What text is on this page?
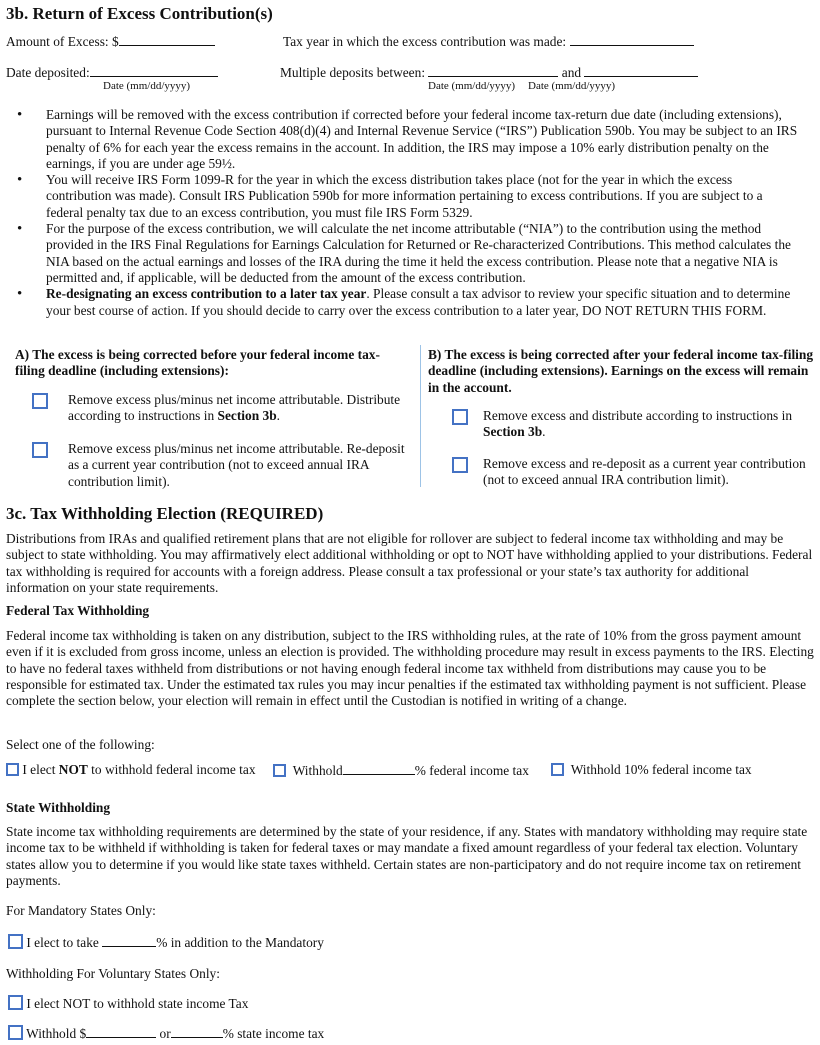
3b. Return of Excess Contribution(s)
Amount of Excess: $	Tax year in which the excess contribution was made:
Date deposited:
Date (mm/dd/yyyy)
Multiple deposits between:	and
Date (mm/dd/yyyy) Date (mm/dd/yyyy)
• Earnings will be removed with the excess contribution if corrected before your federal income tax-return due date (including extensions), pursuant to Internal Revenue Code Section 408(d)(4) and Internal Revenue Service (“IRS”) Publication 590b. You may be subject to an IRS penalty of 6% for each year the excess remains in the account. In addition, the IRS may impose a 10% early distribution penalty on the earnings, if you are under age 59½.
• You will receive IRS Form 1099-R for the year in which the excess distribution takes place (not for the year in which the excess contribution was made). Consult IRS Publication 590b for more information pertaining to excess contributions. If you are subject to a federal penalty tax due to an excess contribution, you must file IRS Form 5329.
• For the purpose of the excess contribution, we will calculate the net income attributable (“NIA”) to the contribution using the method provided in the IRS Final Regulations for Earnings Calculation for Returned or Re-characterized Contributions. This method calculates the NIA based on the actual earnings and losses of the IRA during the time it held the excess contribution. Please note that a negative NIA is permitted and, if applicable, will be deducted from the amount of the excess contribution.
• Re-designating an excess contribution to a later tax year. Please consult a tax advisor to review your specific situation and to determine your best course of action. If you should decide to carry over the excess contribution to a later year, DO NOT RETURN THIS FORM.
A) The excess is being corrected before your federal income tax-filing deadline (including extensions):
Remove excess plus/minus net income attributable. Distribute according to instructions in Section 3b.
Remove excess plus/minus net income attributable. Re-deposit as a current year contribution (not to exceed annual IRA contribution limit).
B) The excess is being corrected after your federal income tax-filing deadline (including extensions). Earnings on the excess will remain in the account.
Remove excess and distribute according to instructions in Section 3b.
Remove excess and re-deposit as a current year contribution (not to exceed annual IRA contribution limit).
3c. Tax Withholding Election (REQUIRED)

Distributions from IRAs and qualified retirement plans that are not eligible for rollover are subject to federal income tax withholding and may be subject to state withholding. You may affirmatively elect additional withholding or opt to NOT have withholding applied to your distributions. Federal tax withholding is required for accounts with a foreign address. Please consult a tax professional or your state’s tax authority for additional information on your state requirements.

Federal Tax Withholding

Federal income tax withholding is taken on any distribution, subject to the IRS withholding rules, at the rate of 10% from the gross payment amount even if it is excluded from gross income, unless an election is provided. The withholding procedure may result in excess payments to the IRS. Electing to have no federal taxes withheld from distributions or not having enough federal income tax withheld from distributions may cause you to be responsible for estimated tax. Under the estimated tax rules you may incur penalties if the estimated tax withholding payment is not sufficient. Please complete the section below, your election will remain in effect until the Custodian is notified in writing of a change.

Select one of the following:
I elect NOT to withhold federal income tax	Withhold	% federal income tax	Withhold 10% federal income tax
State Withholding

State income tax withholding requirements are determined by the state of your residence, if any. States with mandatory withholding may require state income tax to be withheld if withholding is taken for federal taxes or may mandate a fixed amount regardless of your federal tax election. Voluntary states allow you to determine if you would like state taxes withheld. Certain states are non-participatory and do not require income tax on retirement payments.

For Mandatory States Only:
I elect to take	% in addition to the Mandatory
Withholding For Voluntary States Only:
I elect NOT to withhold state income Tax
Withhold $	or	% state income tax
